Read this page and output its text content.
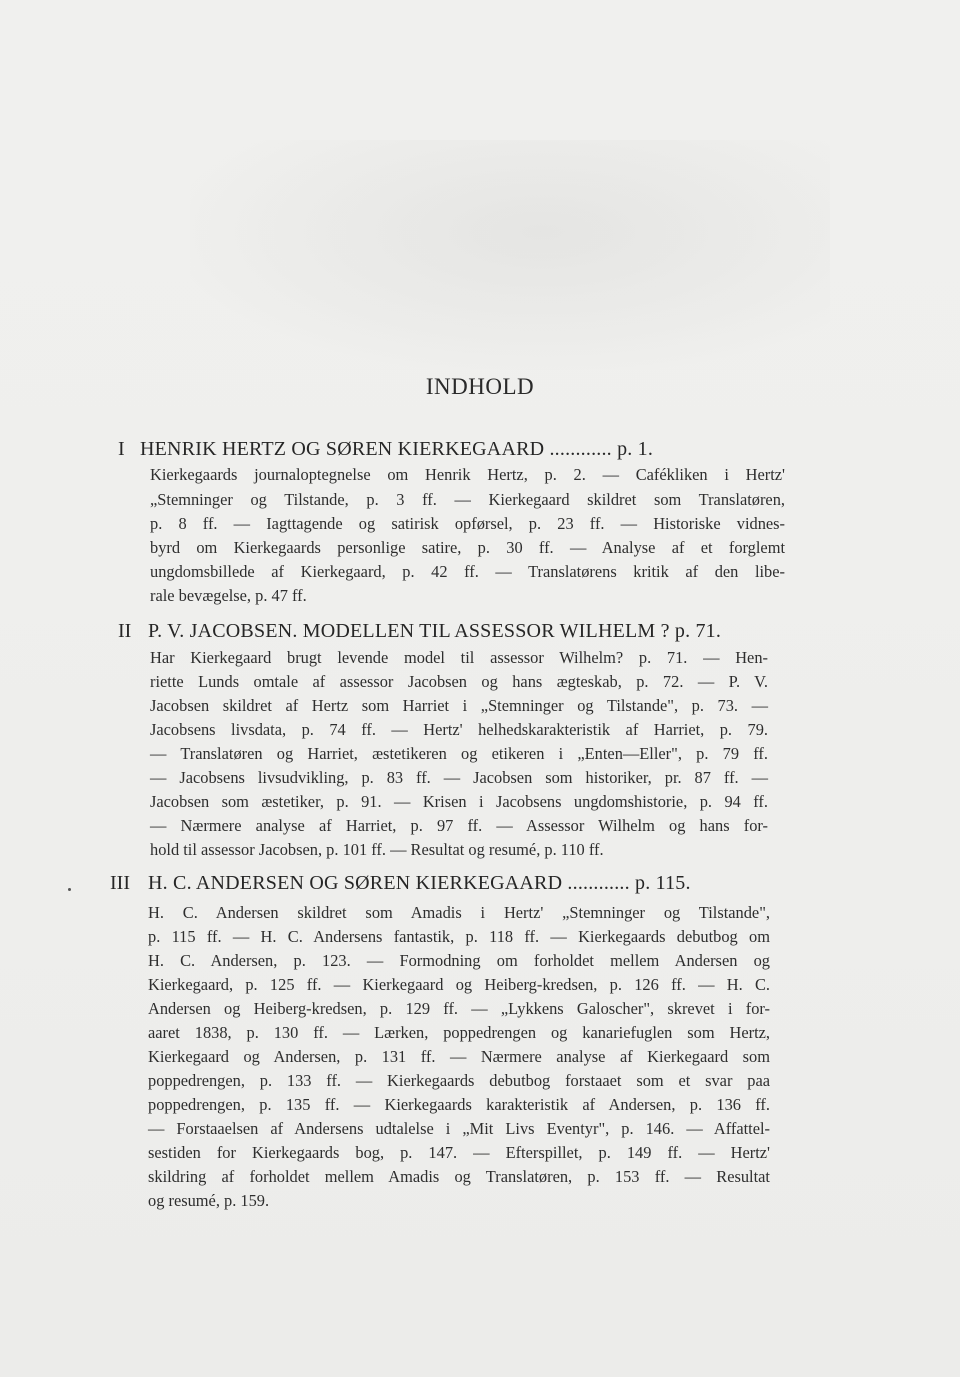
INDHOLD
I HENRIK HERTZ OG SØREN KIERKEGAARD ............ p. 1.
Kierkegaards journaloptegnelse om Henrik Hertz, p. 2. — Cafékliken i Hertz'
„Stemninger og Tilstande, p. 3 ff. — Kierkegaard skildret som Translatøren,
p. 8 ff. — Iagttagende og satirisk opførsel, p. 23 ff. — Historiske vidnes-
byrd om Kierkegaards personlige satire, p. 30 ff. — Analyse af et forglemt
ungdomsbillede af Kierkegaard, p. 42 ff. — Translatørens kritik af den libe-
rale bevægelse, p. 47 ff.
II P. V. JACOBSEN. MODELLEN TIL ASSESSOR WILHELM ? p. 71.
Har Kierkegaard brugt levende model til assessor Wilhelm? p. 71. — Hen-
riette Lunds omtale af assessor Jacobsen og hans ægteskab, p. 72. — P. V.
Jacobsen skildret af Hertz som Harriet i „Stemninger og Tilstande", p. 73. —
Jacobsens livsdata, p. 74 ff. — Hertz' helhedskarakteristik af Harriet, p. 79.
— Translatøren og Harriet, æstetikeren og etikeren i „Enten—Eller", p. 79 ff.
— Jacobsens livsudvikling, p. 83 ff. — Jacobsen som historiker, pr. 87 ff. —
Jacobsen som æstetiker, p. 91. — Krisen i Jacobsens ungdomshistorie, p. 94 ff.
— Nærmere analyse af Harriet, p. 97 ff. — Assessor Wilhelm og hans for-
hold til assessor Jacobsen, p. 101 ff. — Resultat og resumé, p. 110 ff.
III H. C. ANDERSEN OG SØREN KIERKEGAARD ............ p. 115.
H. C. Andersen skildret som Amadis i Hertz' „Stemninger og Tilstande",
p. 115 ff. — H. C. Andersens fantastik, p. 118 ff. — Kierkegaards debutbog om
H. C. Andersen, p. 123. — Formodning om forholdet mellem Andersen og
Kierkegaard, p. 125 ff. — Kierkegaard og Heiberg-kredsen, p. 126 ff. — H. C.
Andersen og Heiberg-kredsen, p. 129 ff. — „Lykkens Galoscher", skrevet i for-
aaret 1838, p. 130 ff. — Lærken, poppedrengen og kanariefuglen som Hertz,
Kierkegaard og Andersen, p. 131 ff. — Nærmere analyse af Kierkegaard som
poppedrengen, p. 133 ff. — Kierkegaards debutbog forstaaet som et svar paa
poppedrengen, p. 135 ff. — Kierkegaards karakteristik af Andersen, p. 136 ff.
— Forstaaelsen af Andersens udtalelse i „Mit Livs Eventyr", p. 146. — Affattel-
sestiden for Kierkegaards bog, p. 147. — Efterspillet, p. 149 ff. — Hertz'
skildring af forholdet mellem Amadis og Translatøren, p. 153 ff. — Resultat
og resumé, p. 159.
